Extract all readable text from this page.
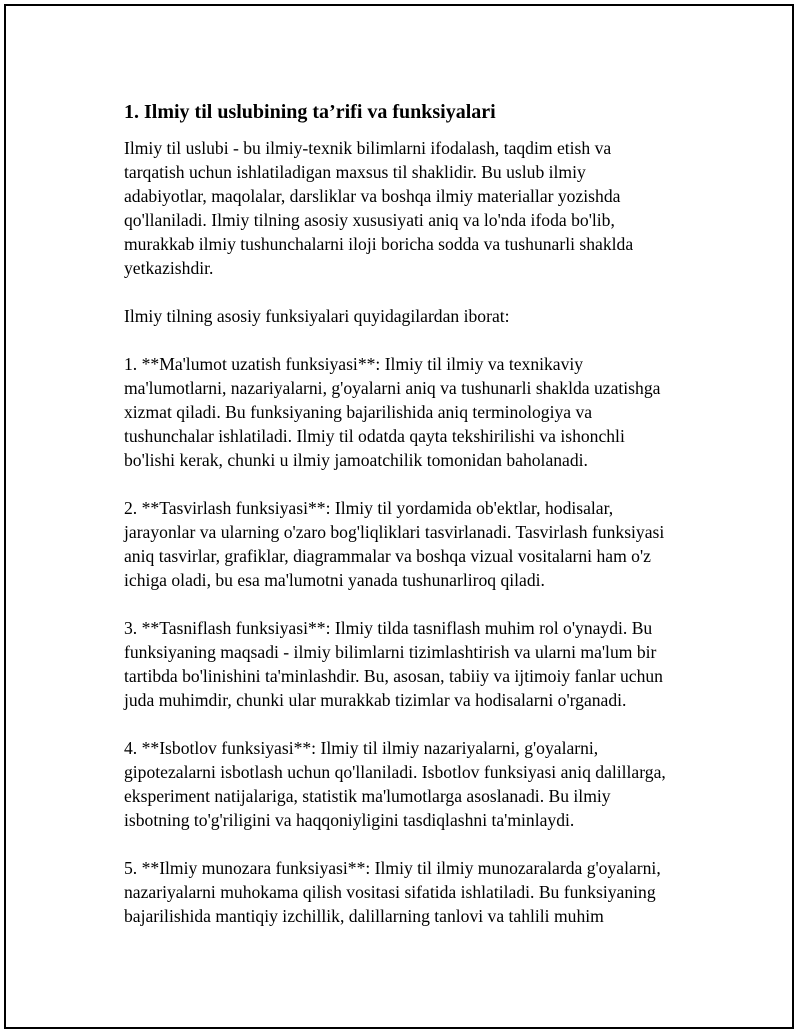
1. Ilmiy til uslubining ta’rifi va funksiyalari
Ilmiy til uslubi - bu ilmiy-texnik bilimlarni ifodalash, taqdim etish va
tarqatish uchun ishlatiladigan maxsus til shaklidir. Bu uslub ilmiy
adabiyotlar, maqolalar, darsliklar va boshqa ilmiy materiallar yozishda
qo'llaniladi. Ilmiy tilning asosiy xususiyati aniq va lo'nda ifoda bo'lib,
murakkab ilmiy tushunchalarni iloji boricha sodda va tushunarli shaklda
yetkazishdir.
Ilmiy tilning asosiy funksiyalari quyidagilardan iborat:
1. **Ma'lumot uzatish funksiyasi**: Ilmiy til ilmiy va texnikaviy
ma'lumotlarni, nazariyalarni, g'oyalarni aniq va tushunarli shaklda uzatishga
xizmat qiladi. Bu funksiyaning bajarilishida aniq terminologiya va
tushunchalar ishlatiladi. Ilmiy til odatda qayta tekshirilishi va ishonchli
bo'lishi kerak, chunki u ilmiy jamoatchilik tomonidan baholanadi.
2. **Tasvirlash funksiyasi**: Ilmiy til yordamida ob'ektlar, hodisalar,
jarayonlar va ularning o'zaro bog'liqliklari tasvirlanadi. Tasvirlash funksiyasi
aniq tasvirlar, grafiklar, diagrammalar va boshqa vizual vositalarni ham o'z
ichiga oladi, bu esa ma'lumotni yanada tushunarliroq qiladi.
3. **Tasniflash funksiyasi**: Ilmiy tilda tasniflash muhim rol o'ynaydi. Bu
funksiyaning maqsadi - ilmiy bilimlarni tizimlashtirish va ularni ma'lum bir
tartibda bo'linishini ta'minlashdir. Bu, asosan, tabiiy va ijtimoiy fanlar uchun
juda muhimdir, chunki ular murakkab tizimlar va hodisalarni o'rganadi.
4. **Isbotlov funksiyasi**: Ilmiy til ilmiy nazariyalarni, g'oyalarni,
gipotezalarni isbotlash uchun qo'llaniladi. Isbotlov funksiyasi aniq dalillarga,
eksperiment natijalariga, statistik ma'lumotlarga asoslanadi. Bu ilmiy
isbotning to'g'riligini va haqqoniyligini tasdiqlashni ta'minlaydi.
5. **Ilmiy munozara funksiyasi**: Ilmiy til ilmiy munozaralarda g'oyalarni,
nazariyalarni muhokama qilish vositasi sifatida ishlatiladi. Bu funksiyaning
bajarilishida mantiqiy izchillik, dalillarning tanlovi va tahlili muhim
